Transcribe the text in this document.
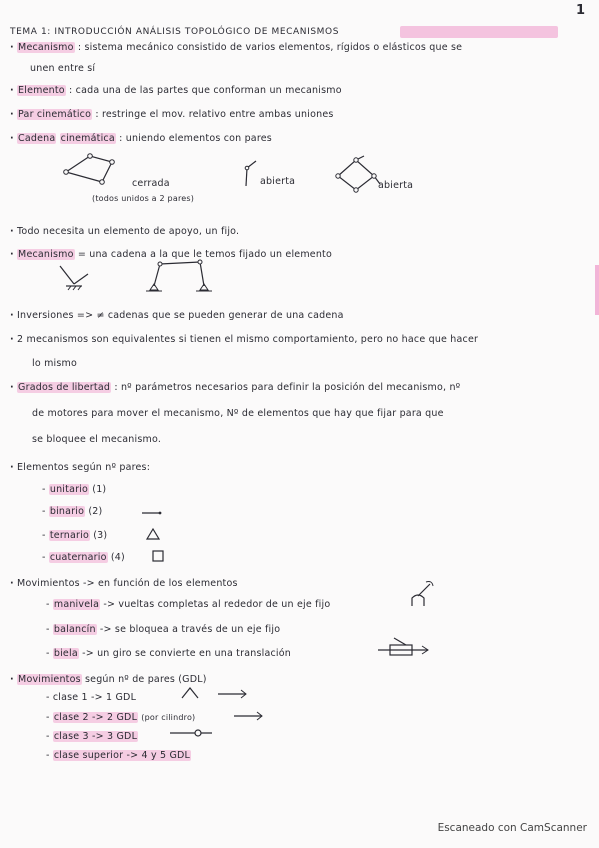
1
TEMA 1: INTRODUCCIÓN ANÁLISIS TOPOLÓGICO DE MECANISMOS
· Mecanismo : sistema mecánico consistido de varios elementos, rígidos o elásticos que se
unen entre sí
· Elemento : cada una de las partes que conforman un mecanismo
· Par cinemático : restringe el mov. relativo entre ambas uniones
· Cadena cinemática : uniendo elementos con pares
cerrada
(todos unidos a 2 pares)
abierta	abierta
· Todo necesita un elemento de apoyo, un fijo.
· Mecanismo = una cadena a la que le temos fijado un elemento
· Inversiones => ≠ cadenas que se pueden generar de una cadena
· 2 mecanismos son equivalentes si tienen el mismo comportamiento, pero no hace que hacer
lo mismo
· Grados de libertad : nº parámetros necesarios para definir la posición del mecanismo, nº
de motores para mover el mecanismo, Nº de elementos que hay que fijar para que
se bloquee el mecanismo.
· Elementos según nº pares:
- unitario (1)
- binario (2)
- ternario (3)
- cuaternario (4)
· Movimientos -> en función de los elementos
- manivela -> vueltas completas al rededor de un eje fijo
- balancín -> se bloquea a través de un eje fijo
- biela -> un giro se convierte en una translación
· Movimientos según nº de pares (GDL)
- clase 1 -> 1 GDL
- clase 2 -> 2 GDL (por cilindro)
- clase 3 -> 3 GDL
- clase superior -> 4 y 5 GDL
Escaneado con CamScanner
